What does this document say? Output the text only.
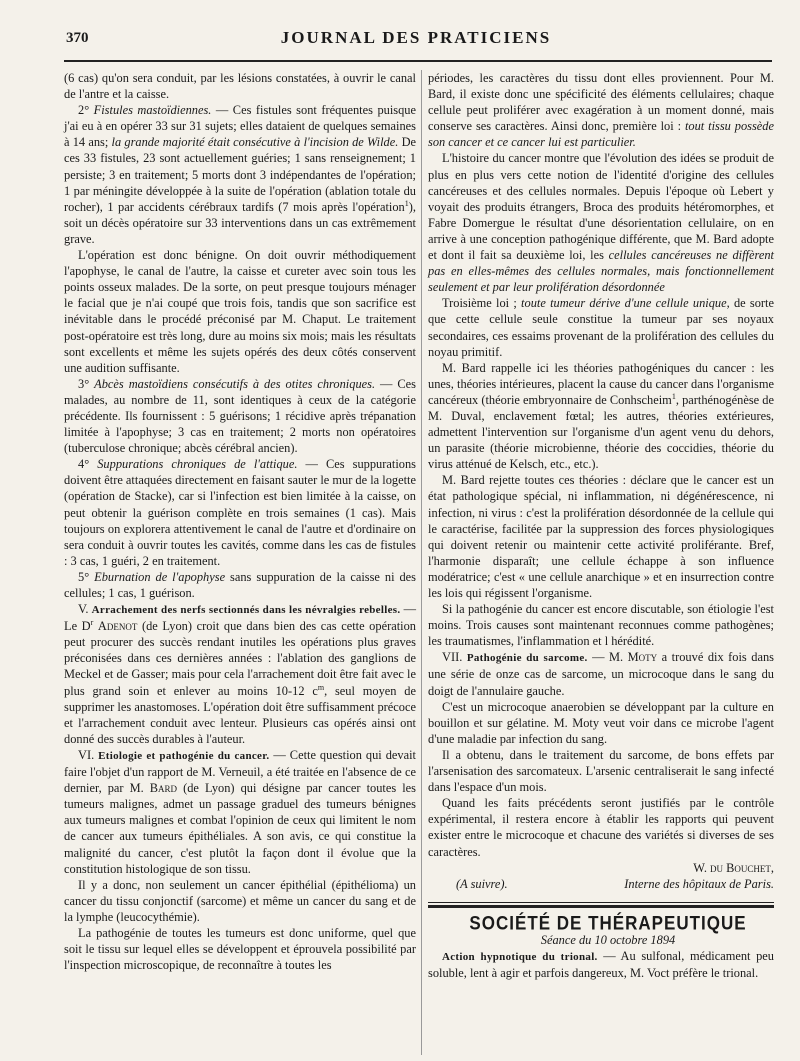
370	JOURNAL DES PRATICIENS

(6 cas) qu'on sera conduit, par les lésions constatées, à ouvrir le canal de l'antre et la caisse.

2° Fistules mastoïdiennes. — Ces fistules sont fréquentes puisque j'ai eu à en opérer 33 sur 31 sujets; elles dataient de quelques semaines à 14 ans; la grande majorité était consécutive à l'incision de Wilde. De ces 33 fistules, 23 sont actuellement guéries; 1 sans renseignement; 1 persiste; 3 en traitement; 5 morts dont 3 indépendantes de l'opération; 1 par méningite développée à la suite de l'opération (ablation totale du rocher), 1 par accidents cérébraux tardifs (7 mois après l'opération$^1$), soit un décès opératoire sur 33 interventions dans un cas extrêmement grave.

L'opération est donc bénigne. On doit ouvrir méthodiquement l'apophyse, le canal de l'autre, la caisse et cureter avec soin tous les points osseux malades. De la sorte, on peut presque toujours ménager le facial que je n'ai coupé que trois fois, tandis que son sacrifice est inévitable dans le procédé préconisé par M. Chaput. Le traitement post-opératoire est très long, dure au moins six mois; mais les résultats sont excellents et même les sujets opérés des deux côtés conservent une audition suffisante.

3° Abcès mastoïdiens consécutifs à des otites chroniques. — Ces malades, au nombre de 11, sont identiques à ceux de la catégorie précédente. Ils fournissent : 5 guérisons; 1 récidive après trépanation limitée à l'apophyse; 3 cas en traitement; 2 morts non opératoires (tuberculose chronique; abcès cérébral ancien).

4° Suppurations chroniques de l'attique. — Ces suppurations doivent être attaquées directement en faisant sauter le mur de la logette (opération de Stacke), car si l'infection est bien limitée à la caisse, on peut obtenir la guérison complète en trois semaines (1 cas). Mais toujours on explorera attentivement le canal de l'autre et d'ordinaire on sera conduit à ouvrir toutes les cavités, comme dans les cas de fistules : 3 cas, 1 guéri, 2 en traitement.

5° Eburnation de l'apophyse sans suppuration de la caisse ni des cellules; 1 cas, 1 guérison.

V. Arrachement des nerfs sectionnés dans les névralgies rebelles. — Le $D^r$ Adenot (de Lyon) croit que dans bien des cas cette opération peut procurer des succès rendant inutiles les opérations plus graves préconisées dans ces dernières années : l'ablation des ganglions de Meckel et de Gasser; mais pour cela l'arrachement doit être fait avec le plus grand soin et enlever au moins 10-12 $c^m$, seul moyen de supprimer les anastomoses. L'opération doit être suffisamment précoce et l'arrachement conduit avec lenteur. Plusieurs cas opérés ainsi ont donné des succès durables à l'auteur.

VI. Etiologie et pathogénie du cancer. — Cette question qui devait faire l'objet d'un rapport de M. Verneuil, a été traitée en l'absence de ce dernier, par M. Bard (de Lyon) qui désigne par cancer toutes les tumeurs malignes, admet un passage graduel des tumeurs bénignes aux tumeurs malignes et combat l'opinion de ceux qui limitent le nom de cancer aux tumeurs épithéliales. A son avis, ce qui constitue la malignité du cancer, c'est plutôt la façon dont il évolue que la constitution histologique de son tissu.

Il y a donc, non seulement un cancer épithélial (épithélioma) un cancer du tissu conjonctif (sarcome) et même un cancer du sang et de la lymphe (leucocythémie).

La pathogénie de toutes les tumeurs est donc uniforme, quel que soit le tissu sur lequel elles se développent et éprouvela possibilité par l'inspection microscopique, de reconnaître à toutes les

périodes, les caractères du tissu dont elles proviennent. Pour M. Bard, il existe donc une spécificité des éléments cellulaires; chaque cellule peut proliférer avec exagération à un moment donné, mais conserve ses caractères. Ainsi donc, première loi : tout tissu possède son cancer et ce cancer lui est particulier.

L'histoire du cancer montre que l'évolution des idées se produit de plus en plus vers cette notion de l'identité d'origine des cellules cancéreuses et des cellules normales. Depuis l'époque où Lebert y voyait des produits étrangers, Broca des produits hétéromorphes, et Fabre Domergue le résultat d'une désorientation cellulaire, on en arrive à une conception pathogénique différente, que M. Bard adopte et dont il fait sa deuxième loi, les cellules cancéreuses ne diffèrent pas en elles-mêmes des cellules normales, mais fonctionnellement seulement et par leur prolifération désordonnée

Troisième loi ; toute tumeur dérive d'une cellule unique, de sorte que cette cellule seule constitue la tumeur par ses noyaux secondaires, ces essaims provenant de la prolifération des cellules du noyau primitif.

M. Bard rappelle ici les théories pathogéniques du cancer : les unes, théories intérieures, placent la cause du cancer dans l'organisme cancéreux (théorie embryonnaire de Conhscheim$^1$, parthénogénèse de M. Duval, enclavement fœtal; les autres, théories extérieures, admettent l'intervention sur l'organisme d'un agent venu du dehors, un parasite (théorie microbienne, théorie des coccidies, théorie du virus atténué de Kelsch, etc., etc.).

M. Bard rejette toutes ces théories : déclare que le cancer est un état pathologique spécial, ni inflammation, ni dégénérescence, ni infection, ni virus : c'est la prolifération désordonnée de la cellule qui le caractérise, facilitée par la suppression des forces physiologiques qui doivent retenir ou maintenir cette activité proliférante. Bref, l'harmonie disparaît; une cellule échappe à son influence modératrice; c'est « une cellule anarchique » et en insurrection contre les lois qui régissent l'organisme.

Si la pathogénie du cancer est encore discutable, son étiologie l'est moins. Trois causes sont maintenant reconnues comme pathogènes; les traumatismes, l'inflammation et l hérédité.

VII. Pathogénie du sarcome. — M. Moty a trouvé dix fois dans une série de onze cas de sarcome, un microcoque dans le sang du doigt de l'annulaire gauche.

C'est un microcoque anaerobien se développant par la culture en bouillon et sur gélatine. M. Moty veut voir dans ce microbe l'agent d'une maladie par infection du sang.

Il a obtenu, dans le traitement du sarcome, de bons effets par l'arsenisation des sarcomateux. L'arsenic centraliserait le sang infecté dans l'espace d'un mois.

Quand les faits précédents seront justifiés par le contrôle expérimental, il restera encore à établir les rapports qui peuvent exister entre le microcoque et chacune des variétés si diverses de ses caractères.

W. du Bouchet,

(A suivre).	Interne des hôpitaux de Paris.

SOCIÉTÉ DE THÉRAPEUTIQUE

Séance du 10 octobre 1894

Action hypnotique du trional. — Au sulfonal, médicament peu soluble, lent à agir et parfois dangereux, M. Voct préfère le trional.
